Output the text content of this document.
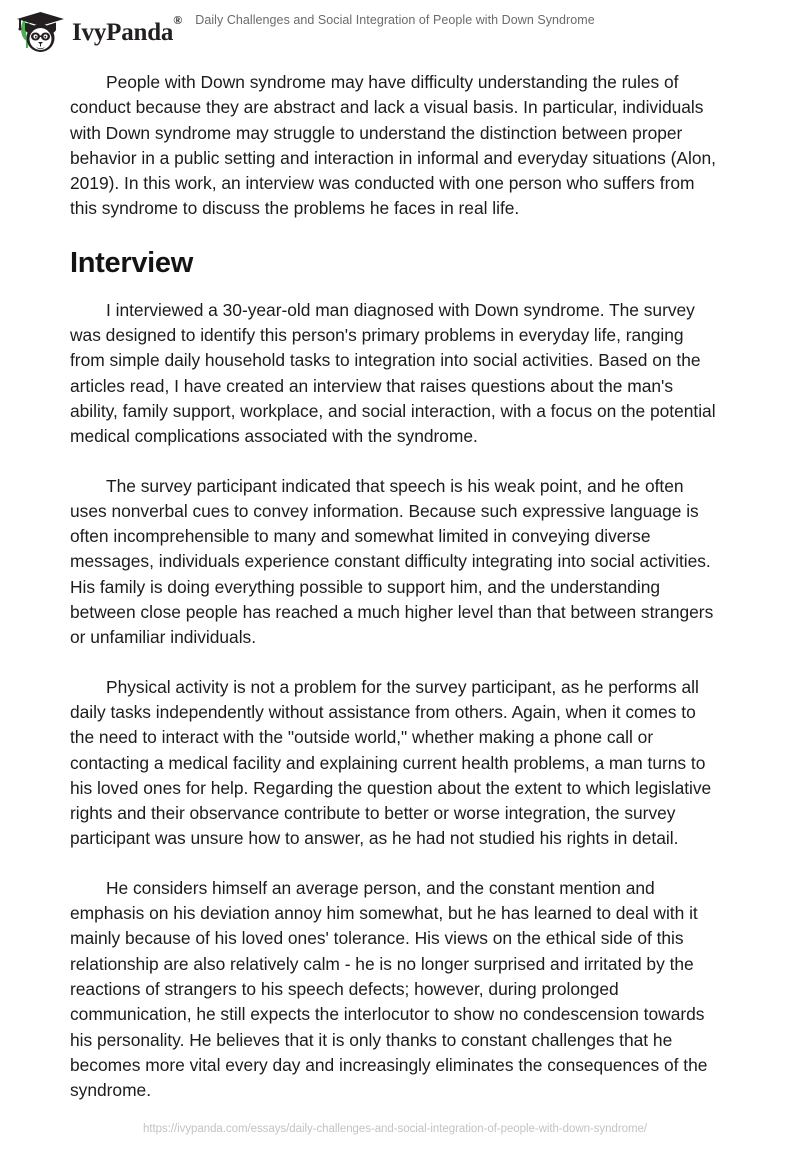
IvyPanda®	Daily Challenges and Social Integration of People with Down Syndrome

People with Down syndrome may have difficulty understanding the rules of conduct because they are abstract and lack a visual basis. In particular, individuals with Down syndrome may struggle to understand the distinction between proper behavior in a public setting and interaction in informal and everyday situations (Alon, 2019). In this work, an interview was conducted with one person who suffers from this syndrome to discuss the problems he faces in real life.

Interview

I interviewed a 30-year-old man diagnosed with Down syndrome. The survey was designed to identify this person's primary problems in everyday life, ranging from simple daily household tasks to integration into social activities. Based on the articles read, I have created an interview that raises questions about the man's ability, family support, workplace, and social interaction, with a focus on the potential medical complications associated with the syndrome.

The survey participant indicated that speech is his weak point, and he often uses nonverbal cues to convey information. Because such expressive language is often incomprehensible to many and somewhat limited in conveying diverse messages, individuals experience constant difficulty integrating into social activities. His family is doing everything possible to support him, and the understanding between close people has reached a much higher level than that between strangers or unfamiliar individuals.

Physical activity is not a problem for the survey participant, as he performs all daily tasks independently without assistance from others. Again, when it comes to the need to interact with the "outside world," whether making a phone call or contacting a medical facility and explaining current health problems, a man turns to his loved ones for help. Regarding the question about the extent to which legislative rights and their observance contribute to better or worse integration, the survey participant was unsure how to answer, as he had not studied his rights in detail.

He considers himself an average person, and the constant mention and emphasis on his deviation annoy him somewhat, but he has learned to deal with it mainly because of his loved ones' tolerance. His views on the ethical side of this relationship are also relatively calm - he is no longer surprised and irritated by the reactions of strangers to his speech defects; however, during prolonged communication, he still expects the interlocutor to show no condescension towards his personality. He believes that it is only thanks to constant challenges that he becomes more vital every day and increasingly eliminates the consequences of the syndrome.

https://ivypanda.com/essays/daily-challenges-and-social-integration-of-people-with-down-syndrome/
